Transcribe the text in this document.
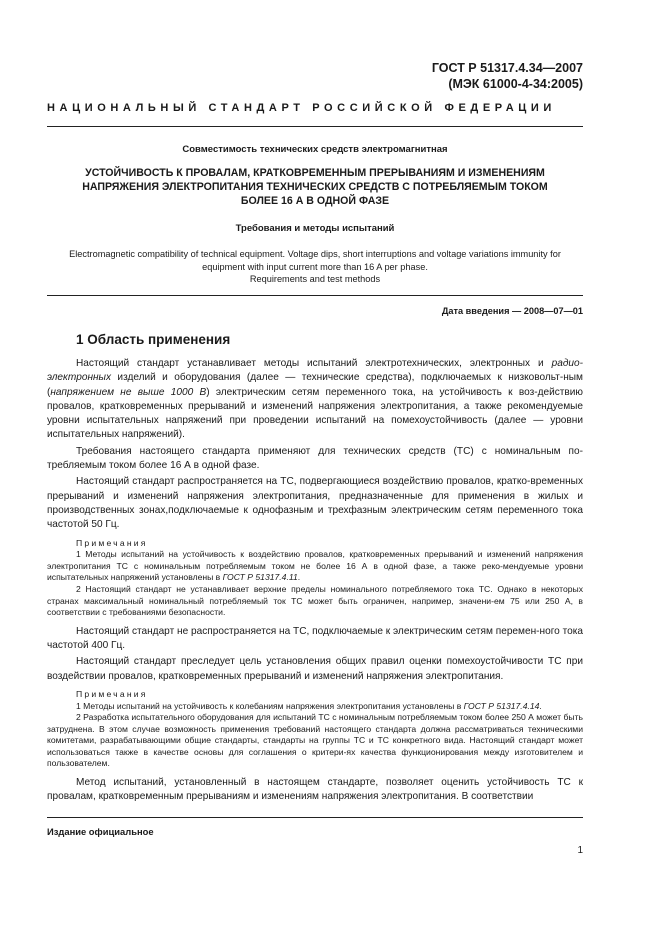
ГОСТ Р 51317.4.34—2007
(МЭК 61000-4-34:2005)
НАЦИОНАЛЬНЫЙ СТАНДАРТ РОССИЙСКОЙ ФЕДЕРАЦИИ
Совместимость технических средств электромагнитная
УСТОЙЧИВОСТЬ К ПРОВАЛАМ, КРАТКОВРЕМЕННЫМ ПРЕРЫВАНИЯМ И ИЗМЕНЕНИЯМ
НАПРЯЖЕНИЯ ЭЛЕКТРОПИТАНИЯ ТЕХНИЧЕСКИХ СРЕДСТВ С ПОТРЕБЛЯЕМЫМ ТОКОМ
БОЛЕЕ 16 А В ОДНОЙ ФАЗЕ
Требования и методы испытаний
Electromagnetic compatibility of technical equipment. Voltage dips, short interruptions and voltage variations immunity for
equipment with input current more than 16 A per phase.
Requirements and test methods
Дата введения — 2008—07—01
1 Область применения

Настоящий стандарт устанавливает методы испытаний электротехнических, электронных и радио-электронных изделий и оборудования (далее — технические средства), подключаемых к низковольт-ным (напряжением не выше 1000 В) электрическим сетям переменного тока, на устойчивость к воз-действию провалов, кратковременных прерываний и изменений напряжения электропитания, а также рекомендуемые уровни испытательных напряжений при проведении испытаний на помехоустойчивость (далее — уровни испытательных напряжений).

Требования настоящего стандарта применяют для технических средств (ТС) с номинальным по-требляемым током более 16 А в одной фазе.

Настоящий стандарт распространяется на ТС, подвергающиеся воздействию провалов, кратко-временных прерываний и изменений напряжения электропитания, предназначенные для применения в жилых и производственных зонах,подключаемые к однофазным и трехфазным электрическим сетям переменного тока частотой 50 Гц.

Примечания

1 Методы испытаний на устойчивость к воздействию провалов, кратковременных прерываний и изменений напряжения электропитания ТС с номинальным потребляемым током не более 16 А в одной фазе, а также реко-мендуемые уровни испытательных напряжений установлены в ГОСТ Р 51317.4.11.

2 Настоящий стандарт не устанавливает верхние пределы номинального потребляемого тока ТС. Однако в некоторых странах максимальный номинальный потребляемый ток ТС может быть ограничен, например, значени-ем 75 или 250 А, в соответствии с требованиями безопасности.

Настоящий стандарт не распространяется на ТС, подключаемые к электрическим сетям перемен-ного тока частотой 400 Гц.

Настоящий стандарт преследует цель установления общих правил оценки помехоустойчивости ТС при воздействии провалов, кратковременных прерываний и изменений напряжения электропитания.

Примечания

1 Методы испытаний на устойчивость к колебаниям напряжения электропитания установлены в ГОСТ Р 51317.4.14.

2 Разработка испытательного оборудования для испытаний ТС с номинальным потребляемым током более 250 А может быть затруднена. В этом случае возможность применения требований настоящего стандарта должна рассматриваться техническими комитетами, разрабатывающими общие стандарты, стандарты на группы ТС и ТС конкретного вида. Настоящий стандарт может использоваться также в качестве основы для соглашения о критери-ях качества функционирования между изготовителем и пользователем.

Метод испытаний, установленный в настоящем стандарте, позволяет оценить устойчивость ТС к провалам, кратковременным прерываниям и изменениям напряжения электропитания. В соответствии

Издание официальное
1
